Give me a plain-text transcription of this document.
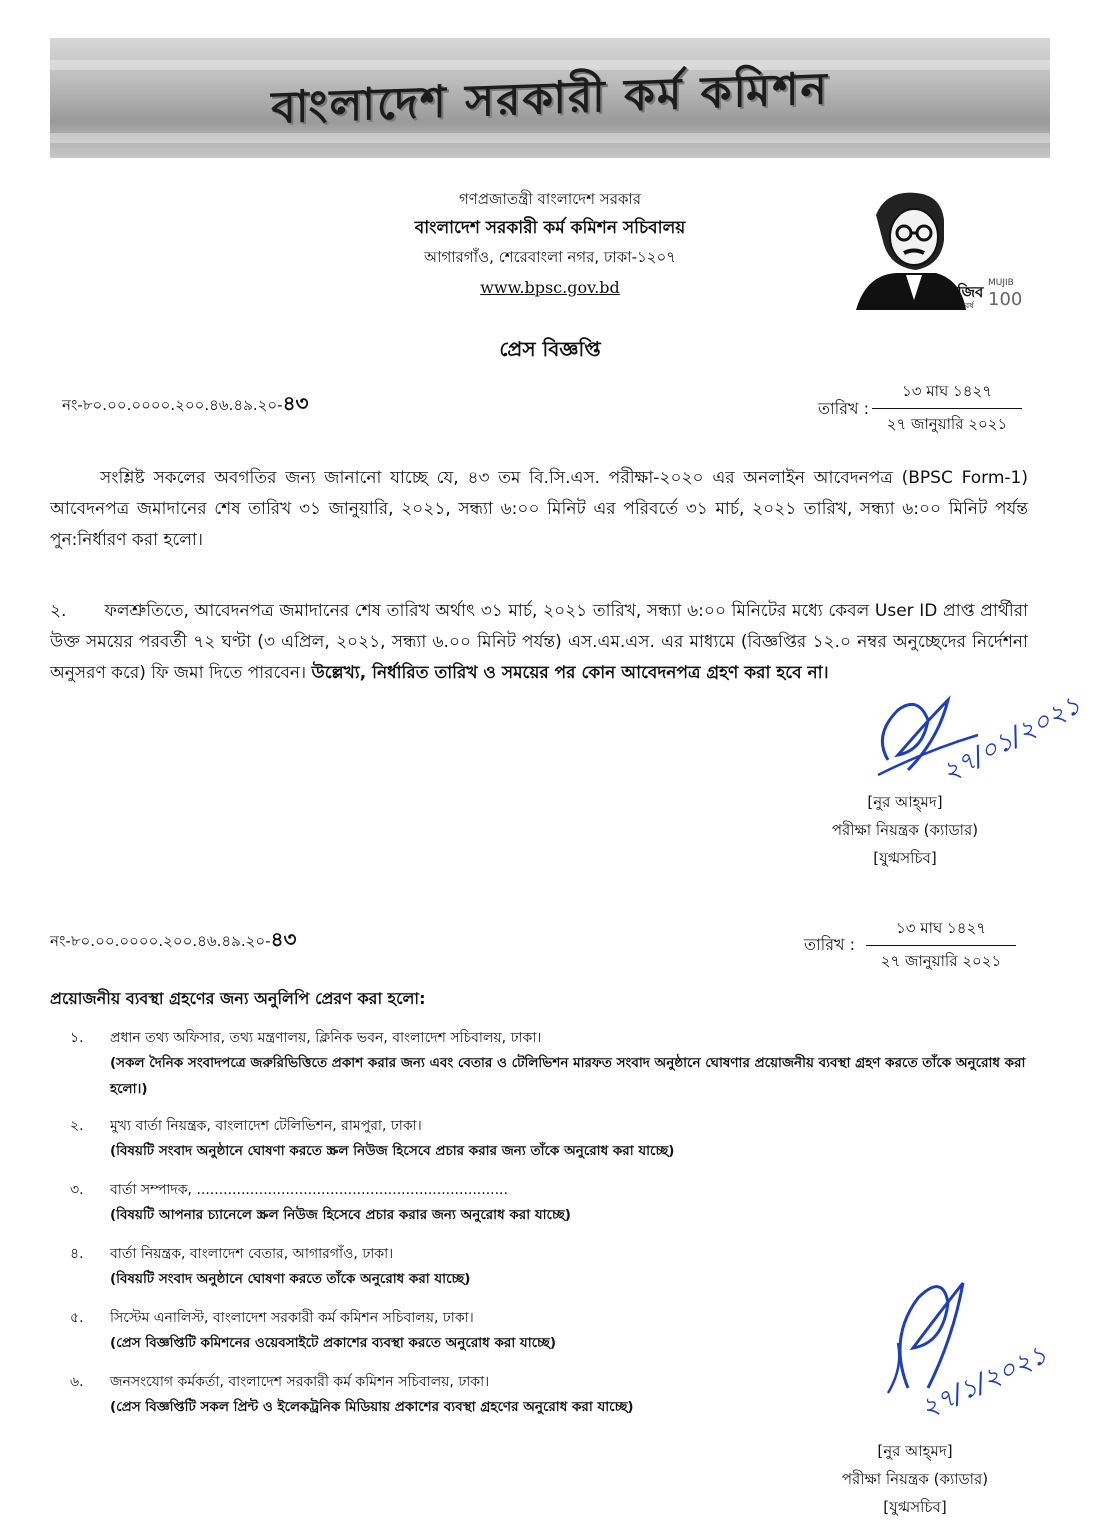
বাংলাদেশ সরকারী কর্ম কমিশন
গণপ্রজাতন্ত্রী বাংলাদেশ সরকার
বাংলাদেশ সরকারী কর্ম কমিশন সচিবালয়
আগারগাঁও, শেরেবাংলা নগর, ঢাকা-১২০৭
www.bpsc.gov.bd	মুজিব MUJIB
শতবর্ষ 100
প্রেস বিজ্ঞপ্তি
নং-৮০.০০.০০০০.২০০.৪৬.৪৯.২০-৪৩	তারিখ :
১৩ মাঘ ১৪২৭
২৭ জানুয়ারি ২০২১
সংশ্লিষ্ট সকলের অবগতির জন্য জানানো যাচ্ছে যে, ৪৩ তম বি.সি.এস. পরীক্ষা-২০২০ এর অনলাইন আবেদনপত্র (BPSC Form-1) আবেদনপত্র জমাদানের শেষ তারিখ ৩১ জানুয়ারি, ২০২১, সন্ধ্যা ৬:০০ মিনিট এর পরিবর্তে ৩১ মার্চ, ২০২১ তারিখ, সন্ধ্যা ৬:০০ মিনিট পর্যন্ত পুন:নির্ধারণ করা হলো।
২. ফলশ্রুতিতে, আবেদনপত্র জমাদানের শেষ তারিখ অর্থাৎ ৩১ মার্চ, ২০২১ তারিখ, সন্ধ্যা ৬:০০ মিনিটের মধ্যে কেবল User ID প্রাপ্ত প্রার্থীরা উক্ত সময়ের পরবর্তী ৭২ ঘণ্টা (৩ এপ্রিল, ২০২১, সন্ধ্যা ৬.০০ মিনিট পর্যন্ত) এস.এম.এস. এর মাধ্যমে (বিজ্ঞপ্তির ১২.০ নম্বর অনুচ্ছেদের নির্দেশনা অনুসরণ করে) ফি জমা দিতে পারবেন। উল্লেখ্য, নির্ধারিত তারিখ ও সময়ের পর কোন আবেদনপত্র গ্রহণ করা হবে না।
২৭/০১/২০২১
[নুর আহ্‌মদ]
পরীক্ষা নিয়ন্ত্রক (ক্যাডার)
[যুগ্মসচিব]
নং-৮০.০০.০০০০.২০০.৪৬.৪৯.২০-৪৩	তারিখ :
১৩ মাঘ ১৪২৭
২৭ জানুয়ারি ২০২১
প্রয়োজনীয় ব্যবস্থা গ্রহণের জন্য অনুলিপি প্রেরণ করা হলো:
১.	প্রধান তথ্য অফিসার, তথ্য মন্ত্রণালয়, ক্লিনিক ভবন, বাংলাদেশ সচিবালয়, ঢাকা।
(সকল দৈনিক সংবাদপত্রে জরুরিভিত্তিতে প্রকাশ করার জন্য এবং বেতার ও টেলিভিশন মারফত সংবাদ অনুষ্ঠানে ঘোষণার প্রয়োজনীয় ব্যবস্থা গ্রহণ করতে তাঁকে অনুরোধ করা হলো।)
২.	মুখ্য বার্তা নিয়ন্ত্রক, বাংলাদেশ টেলিভিশন, রামপুরা, ঢাকা।
(বিষয়টি সংবাদ অনুষ্ঠানে ঘোষণা করতে স্ক্রল নিউজ হিসেবে প্রচার করার জন্য তাঁকে অনুরোধ করা যাচ্ছে)
৩.	বার্তা সম্পাদক, ......................................................................
(বিষয়টি আপনার চ্যানেলে স্ক্রল নিউজ হিসেবে প্রচার করার জন্য অনুরোধ করা যাচ্ছে)
৪.	বার্তা নিয়ন্ত্রক, বাংলাদেশ বেতার, আগারগাঁও, ঢাকা।
(বিষয়টি সংবাদ অনুষ্ঠানে ঘোষণা করতে তাঁকে অনুরোধ করা যাচ্ছে)
৫.	সিস্টেম এনালিস্ট, বাংলাদেশ সরকারী কর্ম কমিশন সচিবালয়, ঢাকা।
(প্রেস বিজ্ঞপ্তিটি কমিশনের ওয়েবসাইটে প্রকাশের ব্যবস্থা করতে অনুরোধ করা যাচ্ছে)
৬.	জনসংযোগ কর্মকর্তা, বাংলাদেশ সরকারী কর্ম কমিশন সচিবালয়, ঢাকা।
(প্রেস বিজ্ঞপ্তিটি সকল প্রিন্ট ও ইলেকট্রনিক মিডিয়ায় প্রকাশের ব্যবস্থা গ্রহণের অনুরোধ করা যাচ্ছে)	২৭/১/২০২১
[নুর আহ্‌মদ]
পরীক্ষা নিয়ন্ত্রক (ক্যাডার)
[যুগ্মসচিব]
